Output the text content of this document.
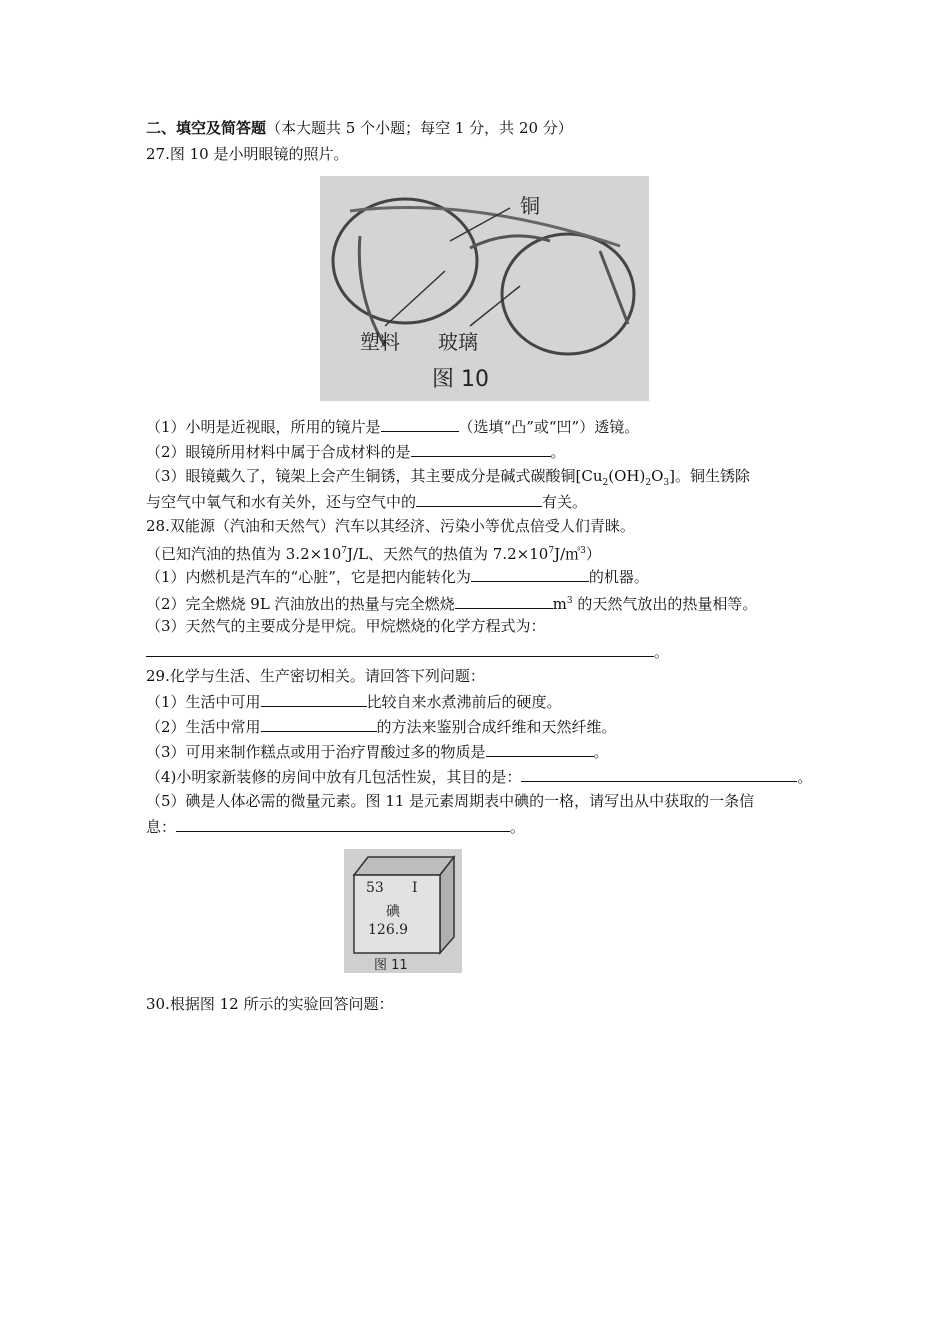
二、填空及简答题（本大题共 5 个小题；每空 1 分，共 20 分）
27.图 10 是小明眼镜的照片。
铜
塑料 玻璃
图 10
（1）小明是近视眼，所用的镜片是	（选填“凸”或“凹”）透镜。
（2）眼镜所用材料中属于合成材料的是	。
（3）眼镜戴久了，镜架上会产生铜锈，其主要成分是碱式碳酸铜$[Cu_2(OH)_2O_3]$。铜生锈除
与空气中氧气和水有关外，还与空气中的	有关。
28.双能源（汽油和天然气）汽车以其经济、污染小等优点倍受人们青睐。
（已知汽油的热值为 $3.2\times 10^7J/L$、天然气的热值为 $7.2\times 10^7J/㎥^3$）
（1）内燃机是汽车的“心脏”，它是把内能转化为	的机器。
（2）完全燃烧 9L 汽油放出的热量与完全燃烧	$m^3$ 的天然气放出的热量相等。
（3）天然气的主要成分是甲烷。甲烷燃烧的化学方程式为：
。
29.化学与生活、生产密切相关。请回答下列问题：
（1）生活中可用	比较自来水煮沸前后的硬度。
（2）生活中常用	的方法来鉴别合成纤维和天然纤维。
（3）可用来制作糕点或用于治疗胃酸过多的物质是	。
（4)小明家新装修的房间中放有几包活性炭，其目的是：	。
（5）碘是人体必需的微量元素。图 11 是元素周期表中碘的一格，请写出从中获取的一条信
息：	。
53 I
碘
126.9
图 11
30.根据图 12 所示的实验回答问题：
